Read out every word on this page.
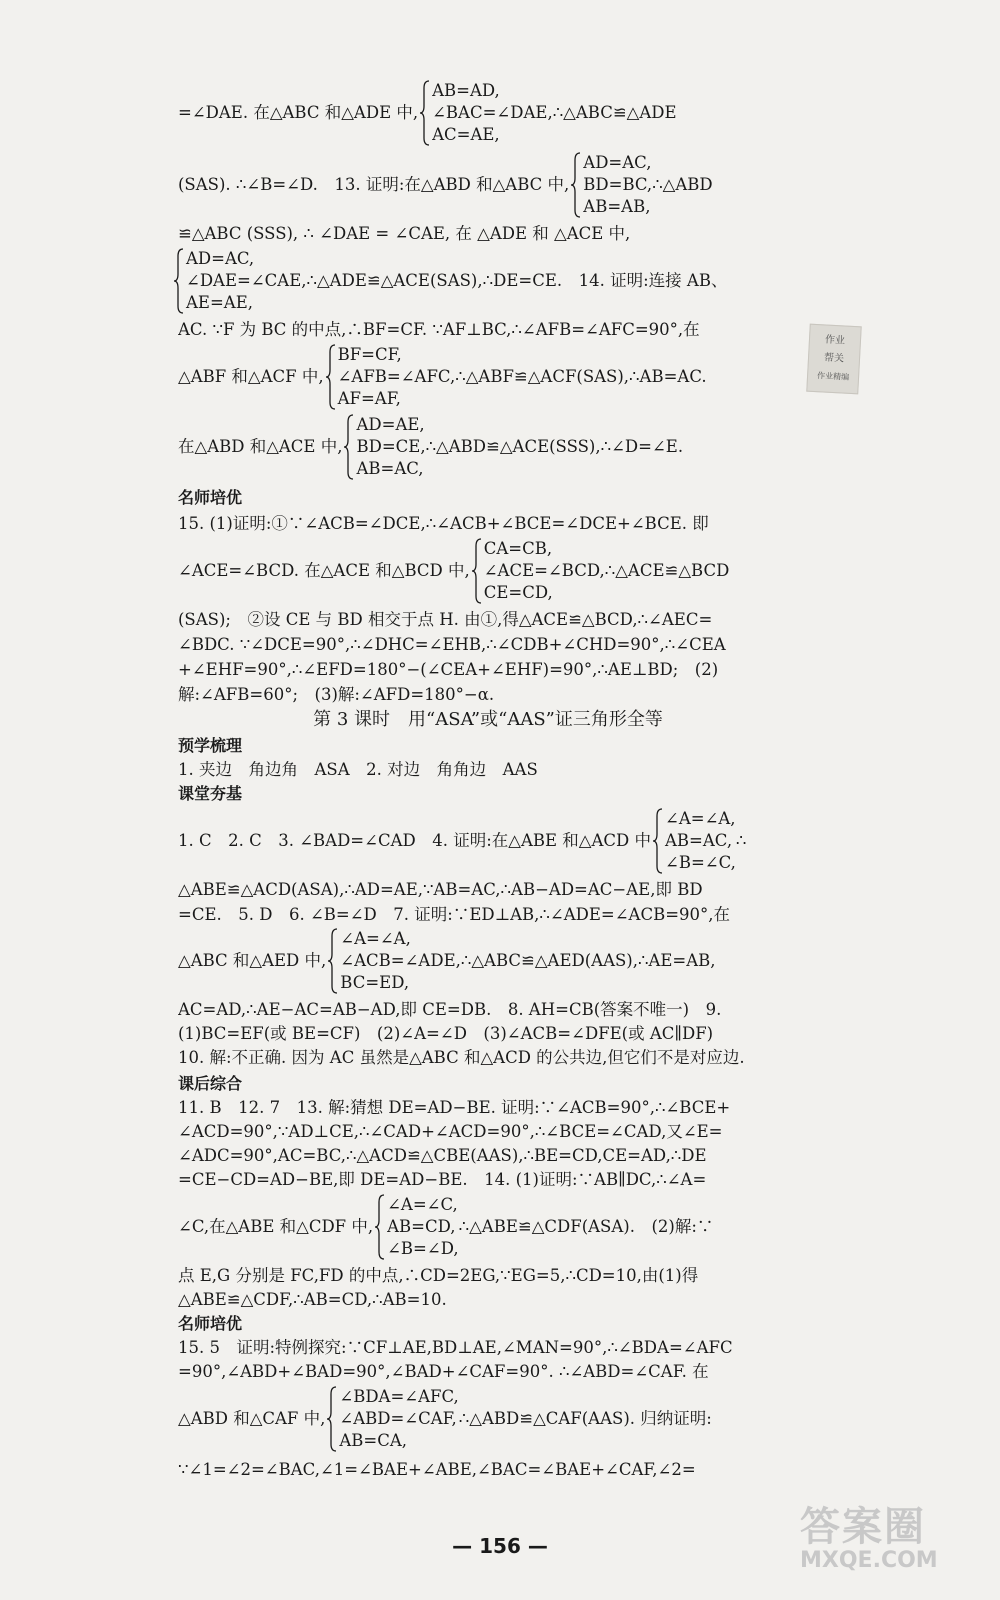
=∠DAE. 在△ABC 和△ADE 中,
AB=AD,
∠BAC=∠DAE,
AC=AE,
∴△ABC≌△ADE
(SAS). ∴∠B=∠D.　13. 证明:在△ABD 和△ABC 中,
AD=AC,
BD=BC,
AB=AB,
∴△ABD
≌△ABC (SSS), ∴ ∠DAE = ∠CAE, 在 △ADE 和 △ACE 中,
AD=AC,
∠DAE=∠CAE,
AE=AE,
∴△ADE≌△ACE(SAS),∴DE=CE.　14. 证明:连接 AB、
AC. ∵F 为 BC 的中点,∴BF=CF. ∵AF⊥BC,∴∠AFB=∠AFC=90°,在
△ABF 和△ACF 中,
BF=CF,
∠AFB=∠AFC,
AF=AF,
∴△ABF≌△ACF(SAS),∴AB=AC.
在△ABD 和△ACE 中,
AD=AE,
BD=CE,
AB=AC,
∴△ABD≌△ACE(SSS),∴∠D=∠E.
名师培优
15. (1)证明:①∵∠ACB=∠DCE,∴∠ACB+∠BCE=∠DCE+∠BCE. 即
∠ACE=∠BCD. 在△ACE 和△BCD 中,
CA=CB,
∠ACE=∠BCD,
CE=CD,
∴△ACE≌△BCD
(SAS);　②设 CE 与 BD 相交于点 H. 由①,得△ACE≌△BCD,∴∠AEC=
∠BDC. ∵∠DCE=90°,∴∠DHC=∠EHB,∴∠CDB+∠CHD=90°,∴∠CEA
+∠EHF=90°,∴∠EFD=180°−(∠CEA+∠EHF)=90°,∴AE⊥BD;　(2)
解:∠AFB=60°;　(3)解:∠AFD=180°−α.
第 3 课时　用“ASA”或“AAS”证三角形全等
预学梳理
1. 夹边　角边角　ASA　2. 对边　角角边　AAS
课堂夯基
1. C　2. C　3. ∠BAD=∠CAD　4. 证明:在△ABE 和△ACD 中
∠A=∠A,
AB=AC,
∠B=∠C,
∴
△ABE≌△ACD(ASA),∴AD=AE,∵AB=AC,∴AB−AD=AC−AE,即 BD
=CE.　5. D　6. ∠B=∠D　7. 证明:∵ED⊥AB,∴∠ADE=∠ACB=90°,在
△ABC 和△AED 中,
∠A=∠A,
∠ACB=∠ADE,
BC=ED,
∴△ABC≌△AED(AAS),∴AE=AB,
AC=AD,∴AE−AC=AB−AD,即 CE=DB.　8. AH=CB(答案不唯一)　9.
(1)BC=EF(或 BE=CF)　(2)∠A=∠D　(3)∠ACB=∠DFE(或 AC∥DF)
10. 解:不正确. 因为 AC 虽然是△ABC 和△ACD 的公共边,但它们不是对应边.
课后综合
11. B　12. 7　13. 解:猜想 DE=AD−BE. 证明:∵∠ACB=90°,∴∠BCE+
∠ACD=90°,∵AD⊥CE,∴∠CAD+∠ACD=90°,∴∠BCE=∠CAD,又∠E=
∠ADC=90°,AC=BC,∴△ACD≌△CBE(AAS),∴BE=CD,CE=AD,∴DE
=CE−CD=AD−BE,即 DE=AD−BE.　14. (1)证明:∵AB∥DC,∴∠A=
∠C,在△ABE 和△CDF 中,
∠A=∠C,
AB=CD,
∠B=∠D,
∴△ABE≌△CDF(ASA).　(2)解:∵
点 E,G 分别是 FC,FD 的中点,∴CD=2EG,∵EG=5,∴CD=10,由(1)得
△ABE≌△CDF,∴AB=CD,∴AB=10.
名师培优
15. 5　证明:特例探究:∵CF⊥AE,BD⊥AE,∠MAN=90°,∴∠BDA=∠AFC
=90°,∠ABD+∠BAD=90°,∠BAD+∠CAF=90°. ∴∠ABD=∠CAF. 在
△ABD 和△CAF 中,
∠BDA=∠AFC,
∠ABD=∠CAF,
AB=CA,
∴△ABD≌△CAF(AAS). 归纳证明:
∵∠1=∠2=∠BAC,∠1=∠BAE+∠ABE,∠BAC=∠BAE+∠CAF,∠2=
— 156 —
作业
帮关
作业精编
答案圈
MXQE.COM
